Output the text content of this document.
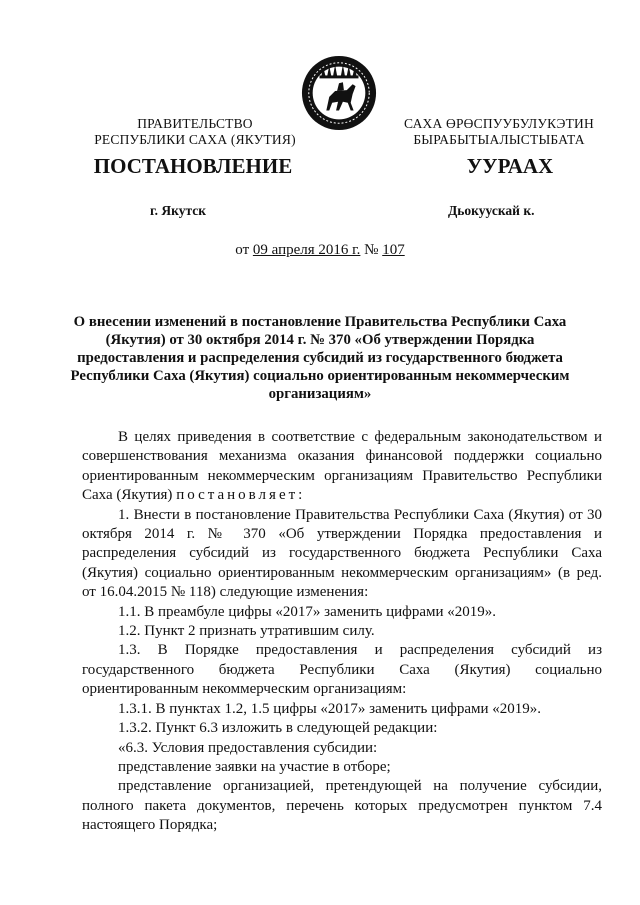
ПРАВИТЕЛЬСТВО
РЕСПУБЛИКИ САХА (ЯКУТИЯ)
САХА ӨРӨСПУУБУЛУКЭТИН
БЫРАБЫТЫАЛЫСТЫБАТА
ПОСТАНОВЛЕНИЕ	УУРААХ
г. Якутск	Дьокуускай к.
от 09 апреля 2016 г. № 107
О внесении изменений в постановление Правительства Республики Саха (Якутия) от 30 октября 2014 г. № 370 «Об утверждении Порядка предоставления и распределения субсидий из государственного бюджета Республики Саха (Якутия) социально ориентированным некоммерческим организациям»

В целях приведения в соответствие с федеральным законодательством и совершенствования механизма оказания финансовой поддержки социально ориентированным некоммерческим организациям Правительство Республики Саха (Якутия) постановляет:

1. Внести в постановление Правительства Республики Саха (Якутия) от 30 октября 2014 г. № 370 «Об утверждении Порядка предоставления и распределения субсидий из государственного бюджета Республики Саха (Якутия) социально ориентированным некоммерческим организациям» (в ред. от 16.04.2015 № 118) следующие изменения:

1.1. В преамбуле цифры «2017» заменить цифрами «2019».

1.2. Пункт 2 признать утратившим силу.

1.3. В Порядке предоставления и распределения субсидий из государственного бюджета Республики Саха (Якутия) социально ориентированным некоммерческим организациям:

1.3.1. В пунктах 1.2, 1.5 цифры «2017» заменить цифрами «2019».

1.3.2. Пункт 6.3 изложить в следующей редакции:

«6.3. Условия предоставления субсидии:

представление заявки на участие в отборе;

представление организацией, претендующей на получение субсидии, полного пакета документов, перечень которых предусмотрен пунктом 7.4 настоящего Порядка;
